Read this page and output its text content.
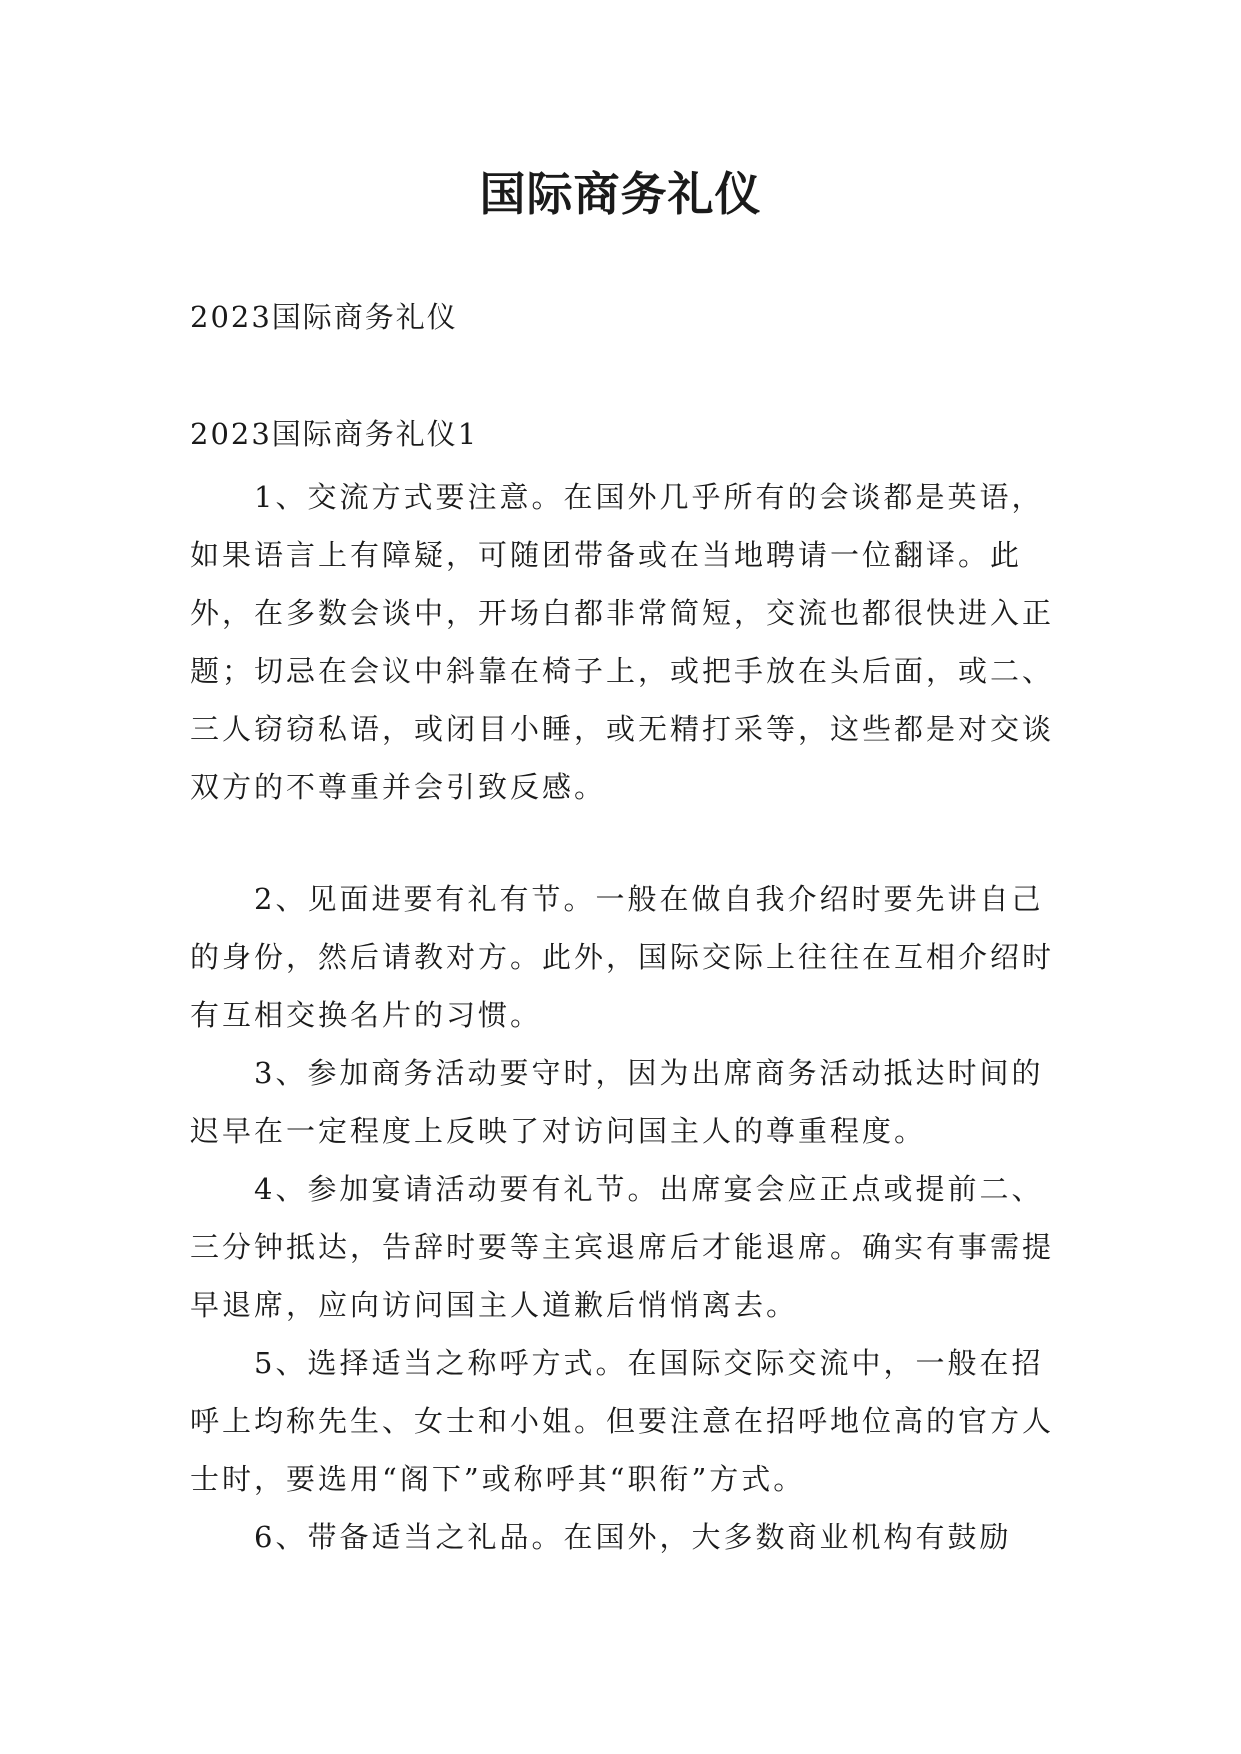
国际商务礼仪
2023国际商务礼仪
2023国际商务礼仪1

1、交流方式要注意。在国外几乎所有的会谈都是英语，如果语言上有障疑，可随团带备或在当地聘请一位翻译。此外，在多数会谈中，开场白都非常简短，交流也都很快进入正题；切忌在会议中斜靠在椅子上，或把手放在头后面，或二、三人窃窃私语，或闭目小睡，或无精打采等，这些都是对交谈双方的不尊重并会引致反感。

2、见面进要有礼有节。一般在做自我介绍时要先讲自己的身份，然后请教对方。此外，国际交际上往往在互相介绍时有互相交换名片的习惯。

3、参加商务活动要守时，因为出席商务活动抵达时间的迟早在一定程度上反映了对访问国主人的尊重程度。

4、参加宴请活动要有礼节。出席宴会应正点或提前二、三分钟抵达，告辞时要等主宾退席后才能退席。确实有事需提早退席，应向访问国主人道歉后悄悄离去。

5、选择适当之称呼方式。在国际交际交流中，一般在招呼上均称先生、女士和小姐。但要注意在招呼地位高的官方人士时，要选用“阁下”或称呼其“职衔”方式。

6、带备适当之礼品。在国外，大多数商业机构有鼓励
